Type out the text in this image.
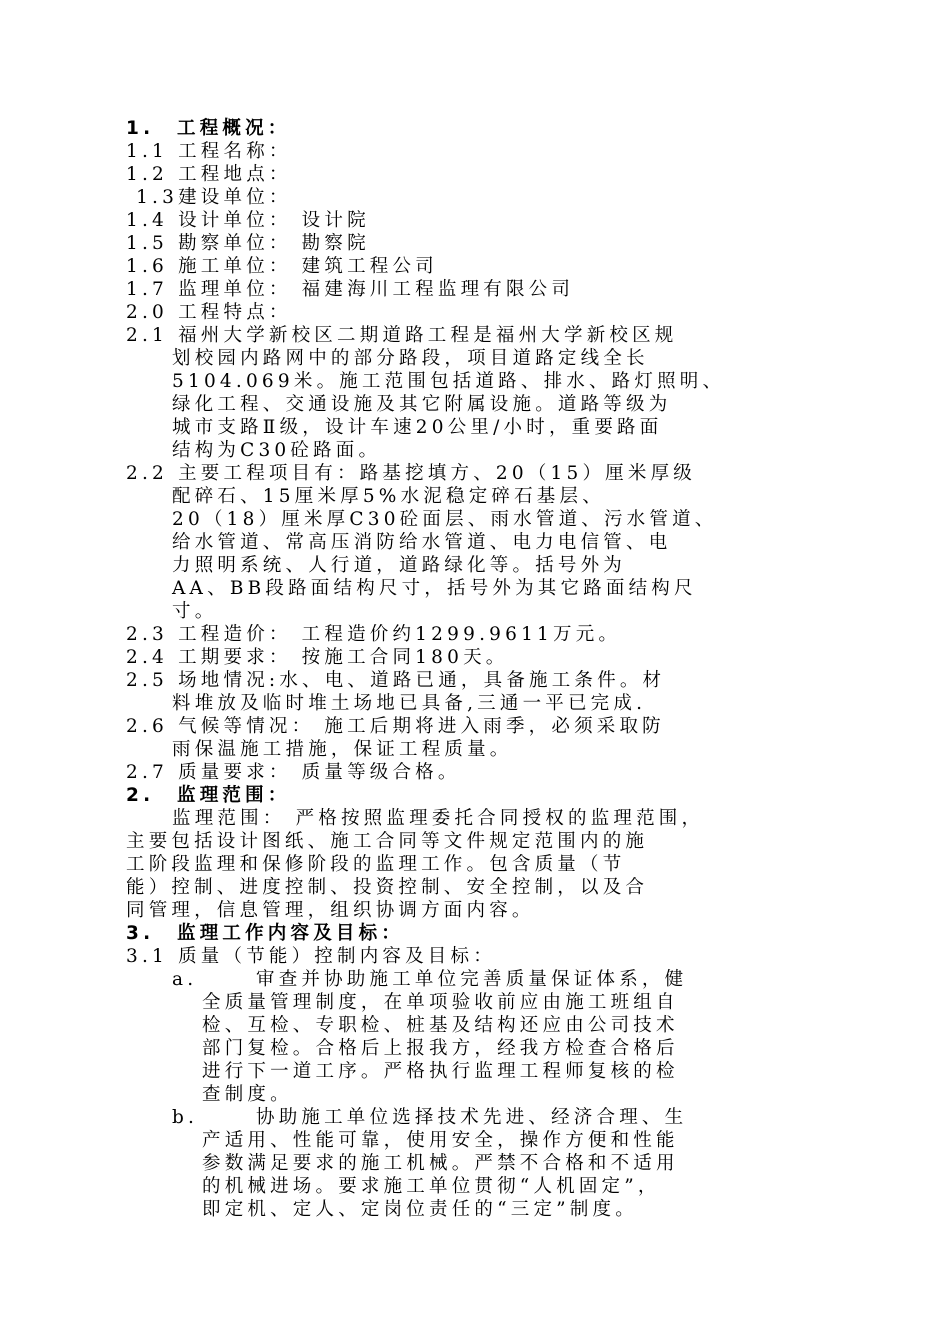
1.　工程概况：
1.1 工程名称：
1.2 工程地点：
1.3建设单位：
1.4 设计单位： 设计院
1.5 勘察单位： 勘察院
1.6 施工单位： 建筑工程公司
1.7 监理单位： 福建海川工程监理有限公司
2.0 工程特点：
2.1 福州大学新校区二期道路工程是福州大学新校区规
划校园内路网中的部分路段，项目道路定线全长
5104.069米。施工范围包括道路、排水、路灯照明、
绿化工程、交通设施及其它附属设施。道路等级为
城市支路Ⅱ级，设计车速20公里/小时，重要路面
结构为C30砼路面。
2.2 主要工程项目有：路基挖填方、20（15）厘米厚级
配碎石、15厘米厚5%水泥稳定碎石基层、
20（18）厘米厚C30砼面层、雨水管道、污水管道、
给水管道、常高压消防给水管道、电力电信管、电
力照明系统、人行道，道路绿化等。括号外为
AA、BB段路面结构尺寸，括号外为其它路面结构尺
寸。
2.3 工程造价： 工程造价约1299.9611万元。
2.4 工期要求： 按施工合同180天。
2.5 场地情况:水、电、道路已通，具备施工条件。材
料堆放及临时堆土场地已具备,三通一平已完成.
2.6 气候等情况： 施工后期将进入雨季，必须采取防
雨保温施工措施，保证工程质量。
2.7 质量要求： 质量等级合格。
2.　监理范围：
监理范围： 严格按照监理委托合同授权的监理范围，
主要包括设计图纸、施工合同等文件规定范围内的施
工阶段监理和保修阶段的监理工作。包含质量（节
能）控制、进度控制、投资控制、安全控制，以及合
同管理，信息管理，组织协调方面内容。
3.　监理工作内容及目标：
3.1 质量（节能）控制内容及目标：
a.	审查并协助施工单位完善质量保证体系，健
全质量管理制度，在单项验收前应由施工班组自
检、互检、专职检、桩基及结构还应由公司技术
部门复检。合格后上报我方，经我方检查合格后
进行下一道工序。严格执行监理工程师复核的检
查制度。
b.	协助施工单位选择技术先进、经济合理、生
产适用、性能可靠，使用安全，操作方便和性能
参数满足要求的施工机械。严禁不合格和不适用
的机械进场。要求施工单位贯彻“人机固定”，
即定机、定人、定岗位责任的“三定”制度。
